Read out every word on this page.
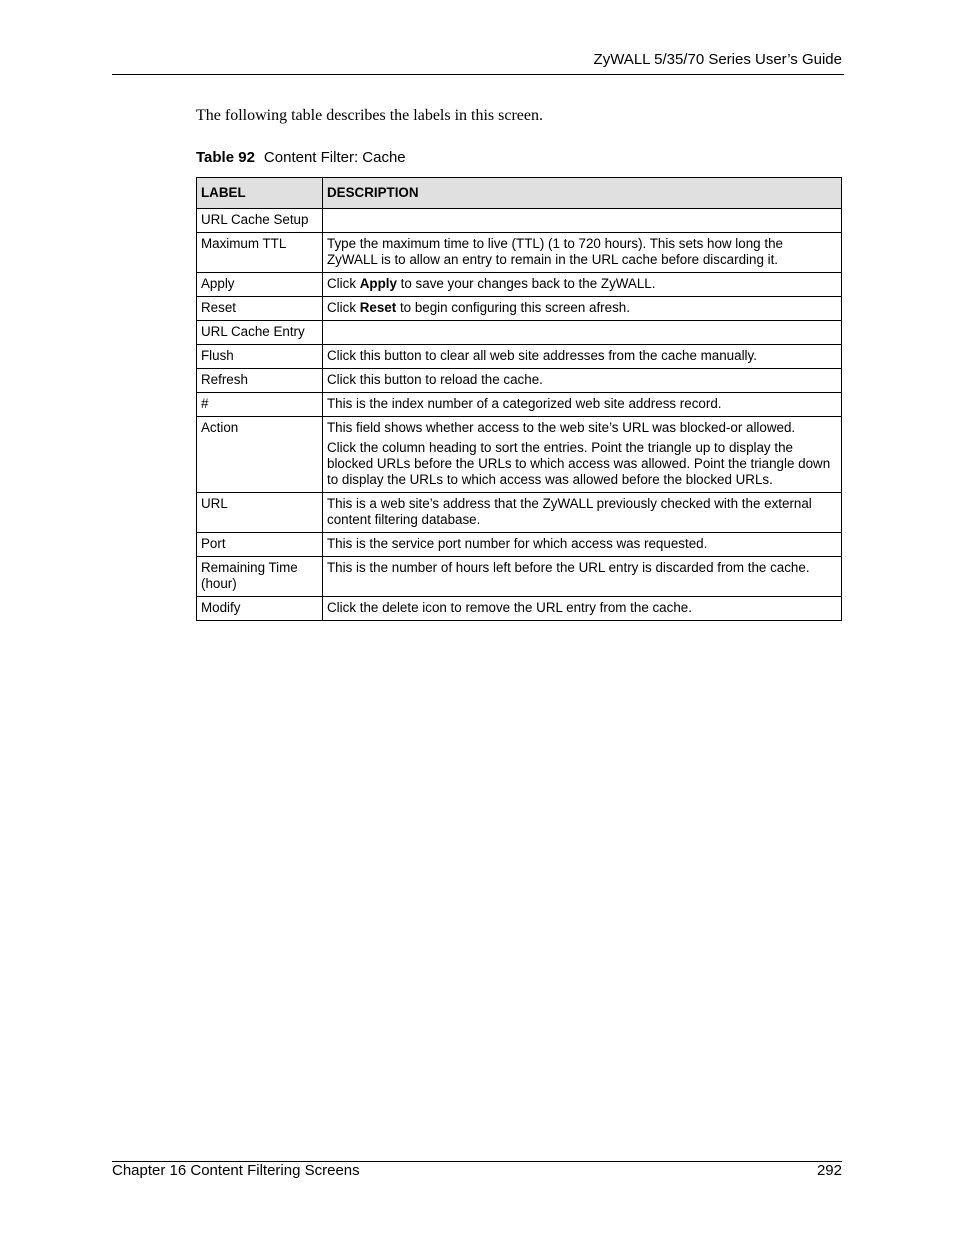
ZyWALL 5/35/70 Series User’s Guide
The following table describes the labels in this screen.
Table 92 Content Filter: Cache
LABEL	DESCRIPTION
URL Cache Setup	
Maximum TTL	Type the maximum time to live (TTL) (1 to 720 hours). This sets how long the ZyWALL is to allow an entry to remain in the URL cache before discarding it.

Apply	Click Apply to save your changes back to the ZyWALL.

Reset	Click Reset to begin configuring this screen afresh.

URL Cache Entry	
Flush	Click this button to clear all web site addresses from the cache manually.

Refresh	Click this button to reload the cache.

#	This is the index number of a categorized web site address record.

Action	This field shows whether access to the web site’s URL was blocked-or allowed.

Click the column heading to sort the entries. Point the triangle up to display the blocked URLs before the URLs to which access was allowed. Point the triangle down to display the URLs to which access was allowed before the blocked URLs.

URL	This is a web site’s address that the ZyWALL previously checked with the external content filtering database.

Port	This is the service port number for which access was requested.

Remaining Time (hour)	This is the number of hours left before the URL entry is discarded from the cache.

Modify	Click the delete icon to remove the URL entry from the cache.

Chapter 16 Content Filtering Screens	292
